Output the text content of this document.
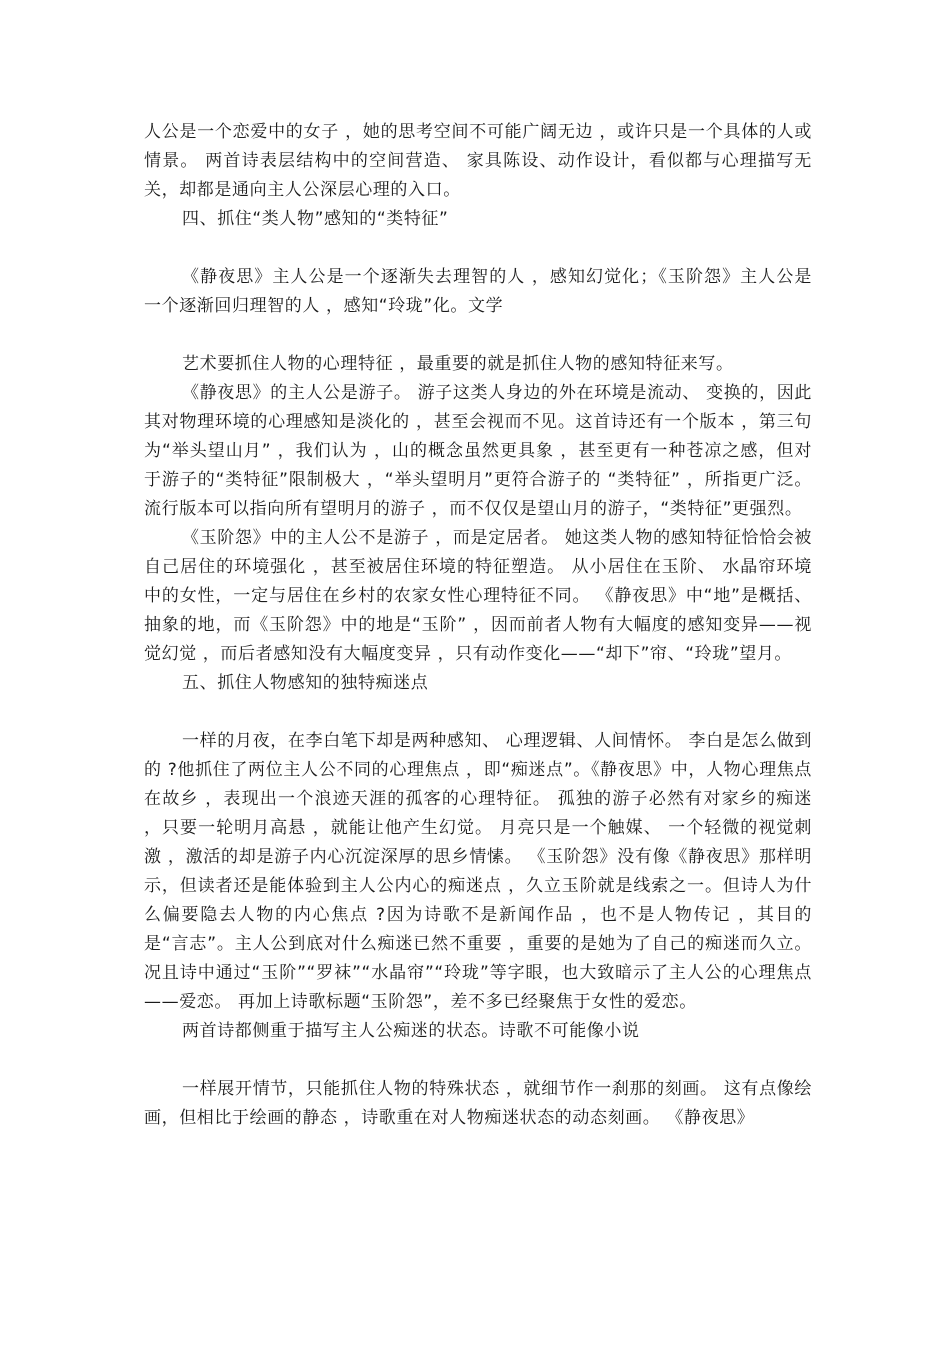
人公是一个恋爱中的女子 ，她的思考空间不可能广阔无边 ，或许只是一个具体的人或情景。 两首诗表层结构中的空间营造、 家具陈设、动作设计，看似都与心理描写无关，却都是通向主人公深层心理的入口。

四、抓住“类人物”感知的“类特征”

《静夜思》主人公是一个逐渐失去理智的人 ，感知幻觉化；《玉阶怨》主人公是一个逐渐回归理智的人 ，感知“玲珑”化。文学

艺术要抓住人物的心理特征 ，最重要的就是抓住人物的感知特征来写。

《静夜思》的主人公是游子。 游子这类人身边的外在环境是流动、 变换的，因此其对物理环境的心理感知是淡化的 ，甚至会视而不见。这首诗还有一个版本 ，第三句为“举头望山月” ，我们认为 ，山的概念虽然更具象 ，甚至更有一种苍凉之感，但对于游子的“类特征”限制极大 ，“举头望明月”更符合游子的 “类特征” ，所指更广泛。流行版本可以指向所有望明月的游子 ，而不仅仅是望山月的游子，“类特征”更强烈。

《玉阶怨》中的主人公不是游子 ，而是定居者。 她这类人物的感知特征恰恰会被自己居住的环境强化 ，甚至被居住环境的特征塑造。 从小居住在玉阶、 水晶帘环境中的女性，一定与居住在乡村的农家女性心理特征不同。 《静夜思》中“地”是概括、抽象的地，而《玉阶怨》中的地是“玉阶” ，因而前者人物有大幅度的感知变异——视觉幻觉 ，而后者感知没有大幅度变异 ，只有动作变化——“却下”帘、“玲珑”望月。

五、抓住人物感知的独特痴迷点

一样的月夜，在李白笔下却是两种感知、 心理逻辑、人间情怀。 李白是怎么做到的 ?他抓住了两位主人公不同的心理焦点 ，即“痴迷点”。《静夜思》中，人物心理焦点在故乡 ，表现出一个浪迹天涯的孤客的心理特征。 孤独的游子必然有对家乡的痴迷 ，只要一轮明月高悬 ，就能让他产生幻觉。 月亮只是一个触媒、 一个轻微的视觉刺激 ，激活的却是游子内心沉淀深厚的思乡情愫。 《玉阶怨》没有像《静夜思》那样明示，但读者还是能体验到主人公内心的痴迷点 ，久立玉阶就是线索之一。但诗人为什么偏要隐去人物的内心焦点 ?因为诗歌不是新闻作品 ，也不是人物传记 ，其目的是“言志”。主人公到底对什么痴迷已然不重要 ，重要的是她为了自己的痴迷而久立。 况且诗中通过“玉阶”“罗袜”“水晶帘”“玲珑”等字眼，也大致暗示了主人公的心理焦点——爱恋。 再加上诗歌标题“玉阶怨”，差不多已经聚焦于女性的爱恋。

两首诗都侧重于描写主人公痴迷的状态。诗歌不可能像小说

一样展开情节，只能抓住人物的特殊状态 ，就细节作一刹那的刻画。 这有点像绘画，但相比于绘画的静态 ，诗歌重在对人物痴迷状态的动态刻画。 《静夜思》
